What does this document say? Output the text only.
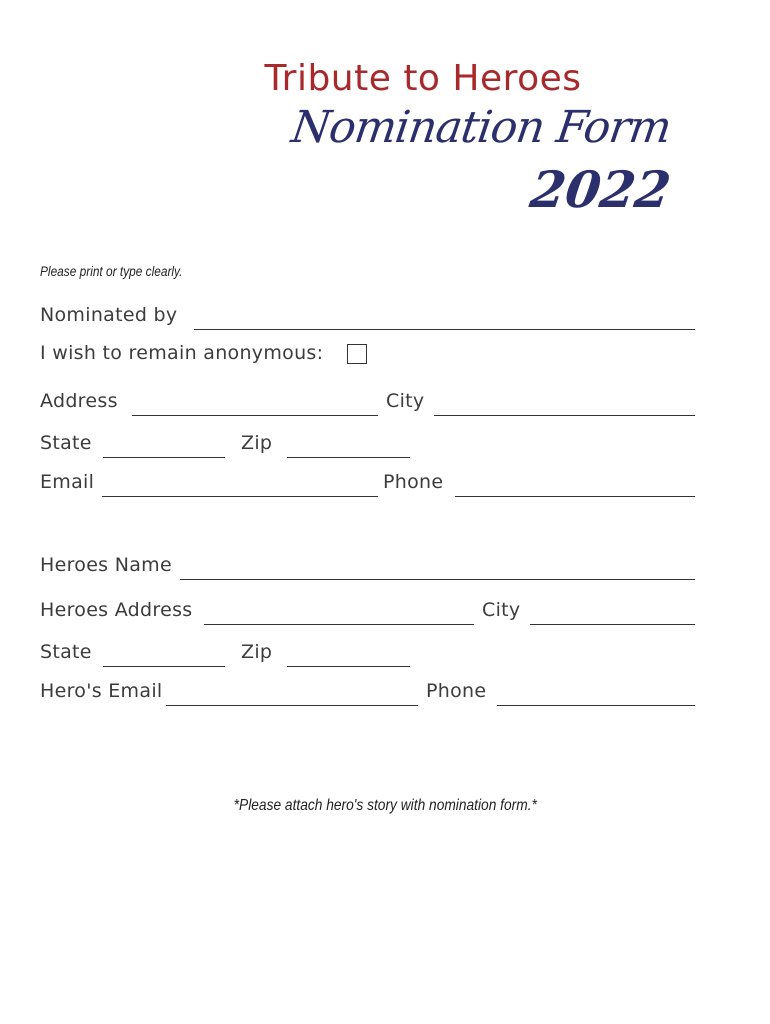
Tribute to Heroes
Nomination Form
2022
Please print or type clearly.
Nominated by
I wish to remain anonymous:
Address	City
State	Zip
Email	Phone
Heroes Name
Heroes Address	City
State	Zip
Hero's Email	Phone
*Please attach hero's story with nomination form.*
